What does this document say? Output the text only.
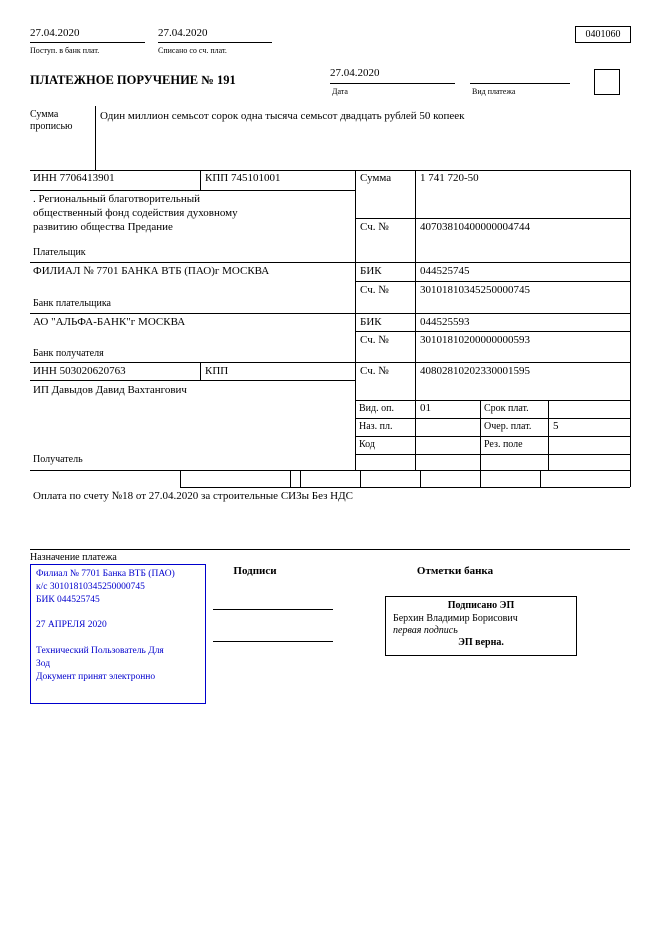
27.04.2020	27.04.2020
Поступ. в банк плат.	Списано со сч. плат.
0401060
ПЛАТЕЖНОЕ ПОРУЧЕНИЕ № 191	27.04.2020
Дата	Вид платежа
Сумма
прописью
Один миллион семьсот сорок одна тысяча семьсот двадцать рублей 50 копеек
ИНН 7706413901	КПП 745101001	Сумма	1 741 720-50
. Региональный благотворительный общественный фонд содействия духовному развитию общества Предание	Сч. №	40703810400000004744
Плательщик
ФИЛИАЛ № 7701 БАНКА ВТБ (ПАО)г МОСКВА	БИК	044525745
Сч. №	30101810345250000745
Банк плательщика
АО "АЛЬФА-БАНК"г МОСКВА	БИК	044525593
Сч. №	30101810200000000593
Банк получателя
ИНН 503020620763	КПП	Сч. №	40802810202330001595
ИП Давыдов Давид Вахтангович
Получатель
Вид. оп. 01	Срок плат.
Наз. пл.	Очер. плат. 5
Код	Рез. поле
Оплата по счету №18 от 27.04.2020 за строительные СИЗы Без НДС
Назначение платежа
Подписи	Отметки банка
Филиал № 7701 Банка ВТБ (ПАО)
к/с 30101810345250000745
БИК 044525745
27 АПРЕЛЯ 2020
Технический Пользователь Для Зод
Документ принят электронно
Подписано ЭП
Берхин Владимир Борисович
первая подпись
ЭП верна.
